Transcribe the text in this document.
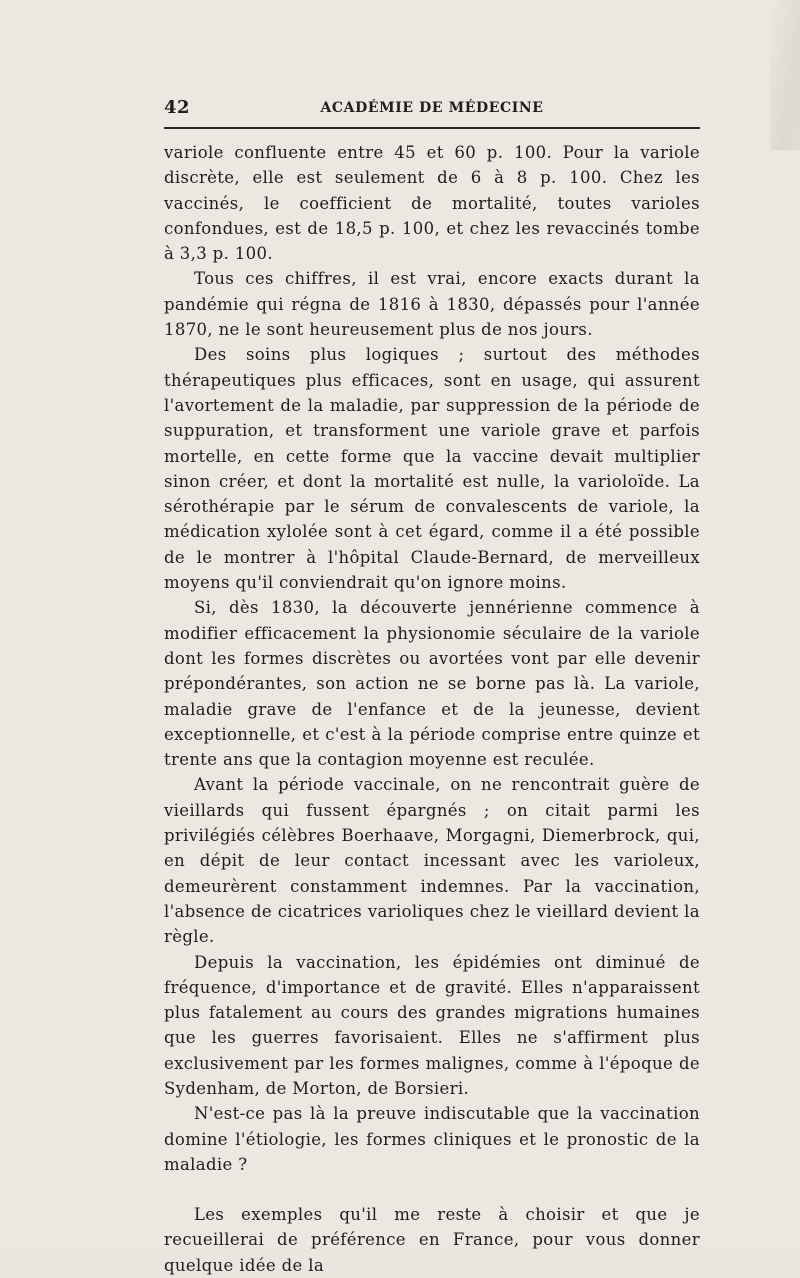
42	ACADÉMIE DE MÉDECINE

variole confluente entre 45 et 60 p. 100. Pour la variole discrète, elle est seulement de 6 à 8 p. 100. Chez les vaccinés, le coefficient de mortalité, toutes varioles confondues, est de 18,5 p. 100, et chez les revaccinés tombe à 3,3 p. 100.

Tous ces chiffres, il est vrai, encore exacts durant la pandémie qui régna de 1816 à 1830, dépassés pour l'année 1870, ne le sont heureusement plus de nos jours.

Des soins plus logiques ; surtout des méthodes thérapeutiques plus efficaces, sont en usage, qui assurent l'avortement de la maladie, par suppression de la période de suppuration, et transforment une variole grave et parfois mortelle, en cette forme que la vaccine devait multiplier sinon créer, et dont la mortalité est nulle, la varioloïde. La sérothérapie par le sérum de convalescents de variole, la médication xylolée sont à cet égard, comme il a été possible de le montrer à l'hôpital Claude-Bernard, de merveilleux moyens qu'il conviendrait qu'on ignore moins.

Si, dès 1830, la découverte jennérienne commence à modifier efficacement la physionomie séculaire de la variole dont les formes discrètes ou avortées vont par elle devenir prépondérantes, son action ne se borne pas là. La variole, maladie grave de l'enfance et de la jeunesse, devient exceptionnelle, et c'est à la période comprise entre quinze et trente ans que la contagion moyenne est reculée.

Avant la période vaccinale, on ne rencontrait guère de vieillards qui fussent épargnés ; on citait parmi les privilégiés célèbres Boerhaave, Morgagni, Diemerbrock, qui, en dépit de leur contact incessant avec les varioleux, demeurèrent constamment indemnes. Par la vaccination, l'absence de cicatrices varioliques chez le vieillard devient la règle.

Depuis la vaccination, les épidémies ont diminué de fréquence, d'importance et de gravité. Elles n'apparaissent plus fatalement au cours des grandes migrations humaines que les guerres favorisaient. Elles ne s'affirment plus exclusivement par les formes malignes, comme à l'époque de Sydenham, de Morton, de Borsieri.

N'est-ce pas là la preuve indiscutable que la vaccination domine l'étiologie, les formes cliniques et le pronostic de la maladie ?

Les exemples qu'il me reste à choisir et que je recueillerai de préférence en France, pour vous donner quelque idée de la
